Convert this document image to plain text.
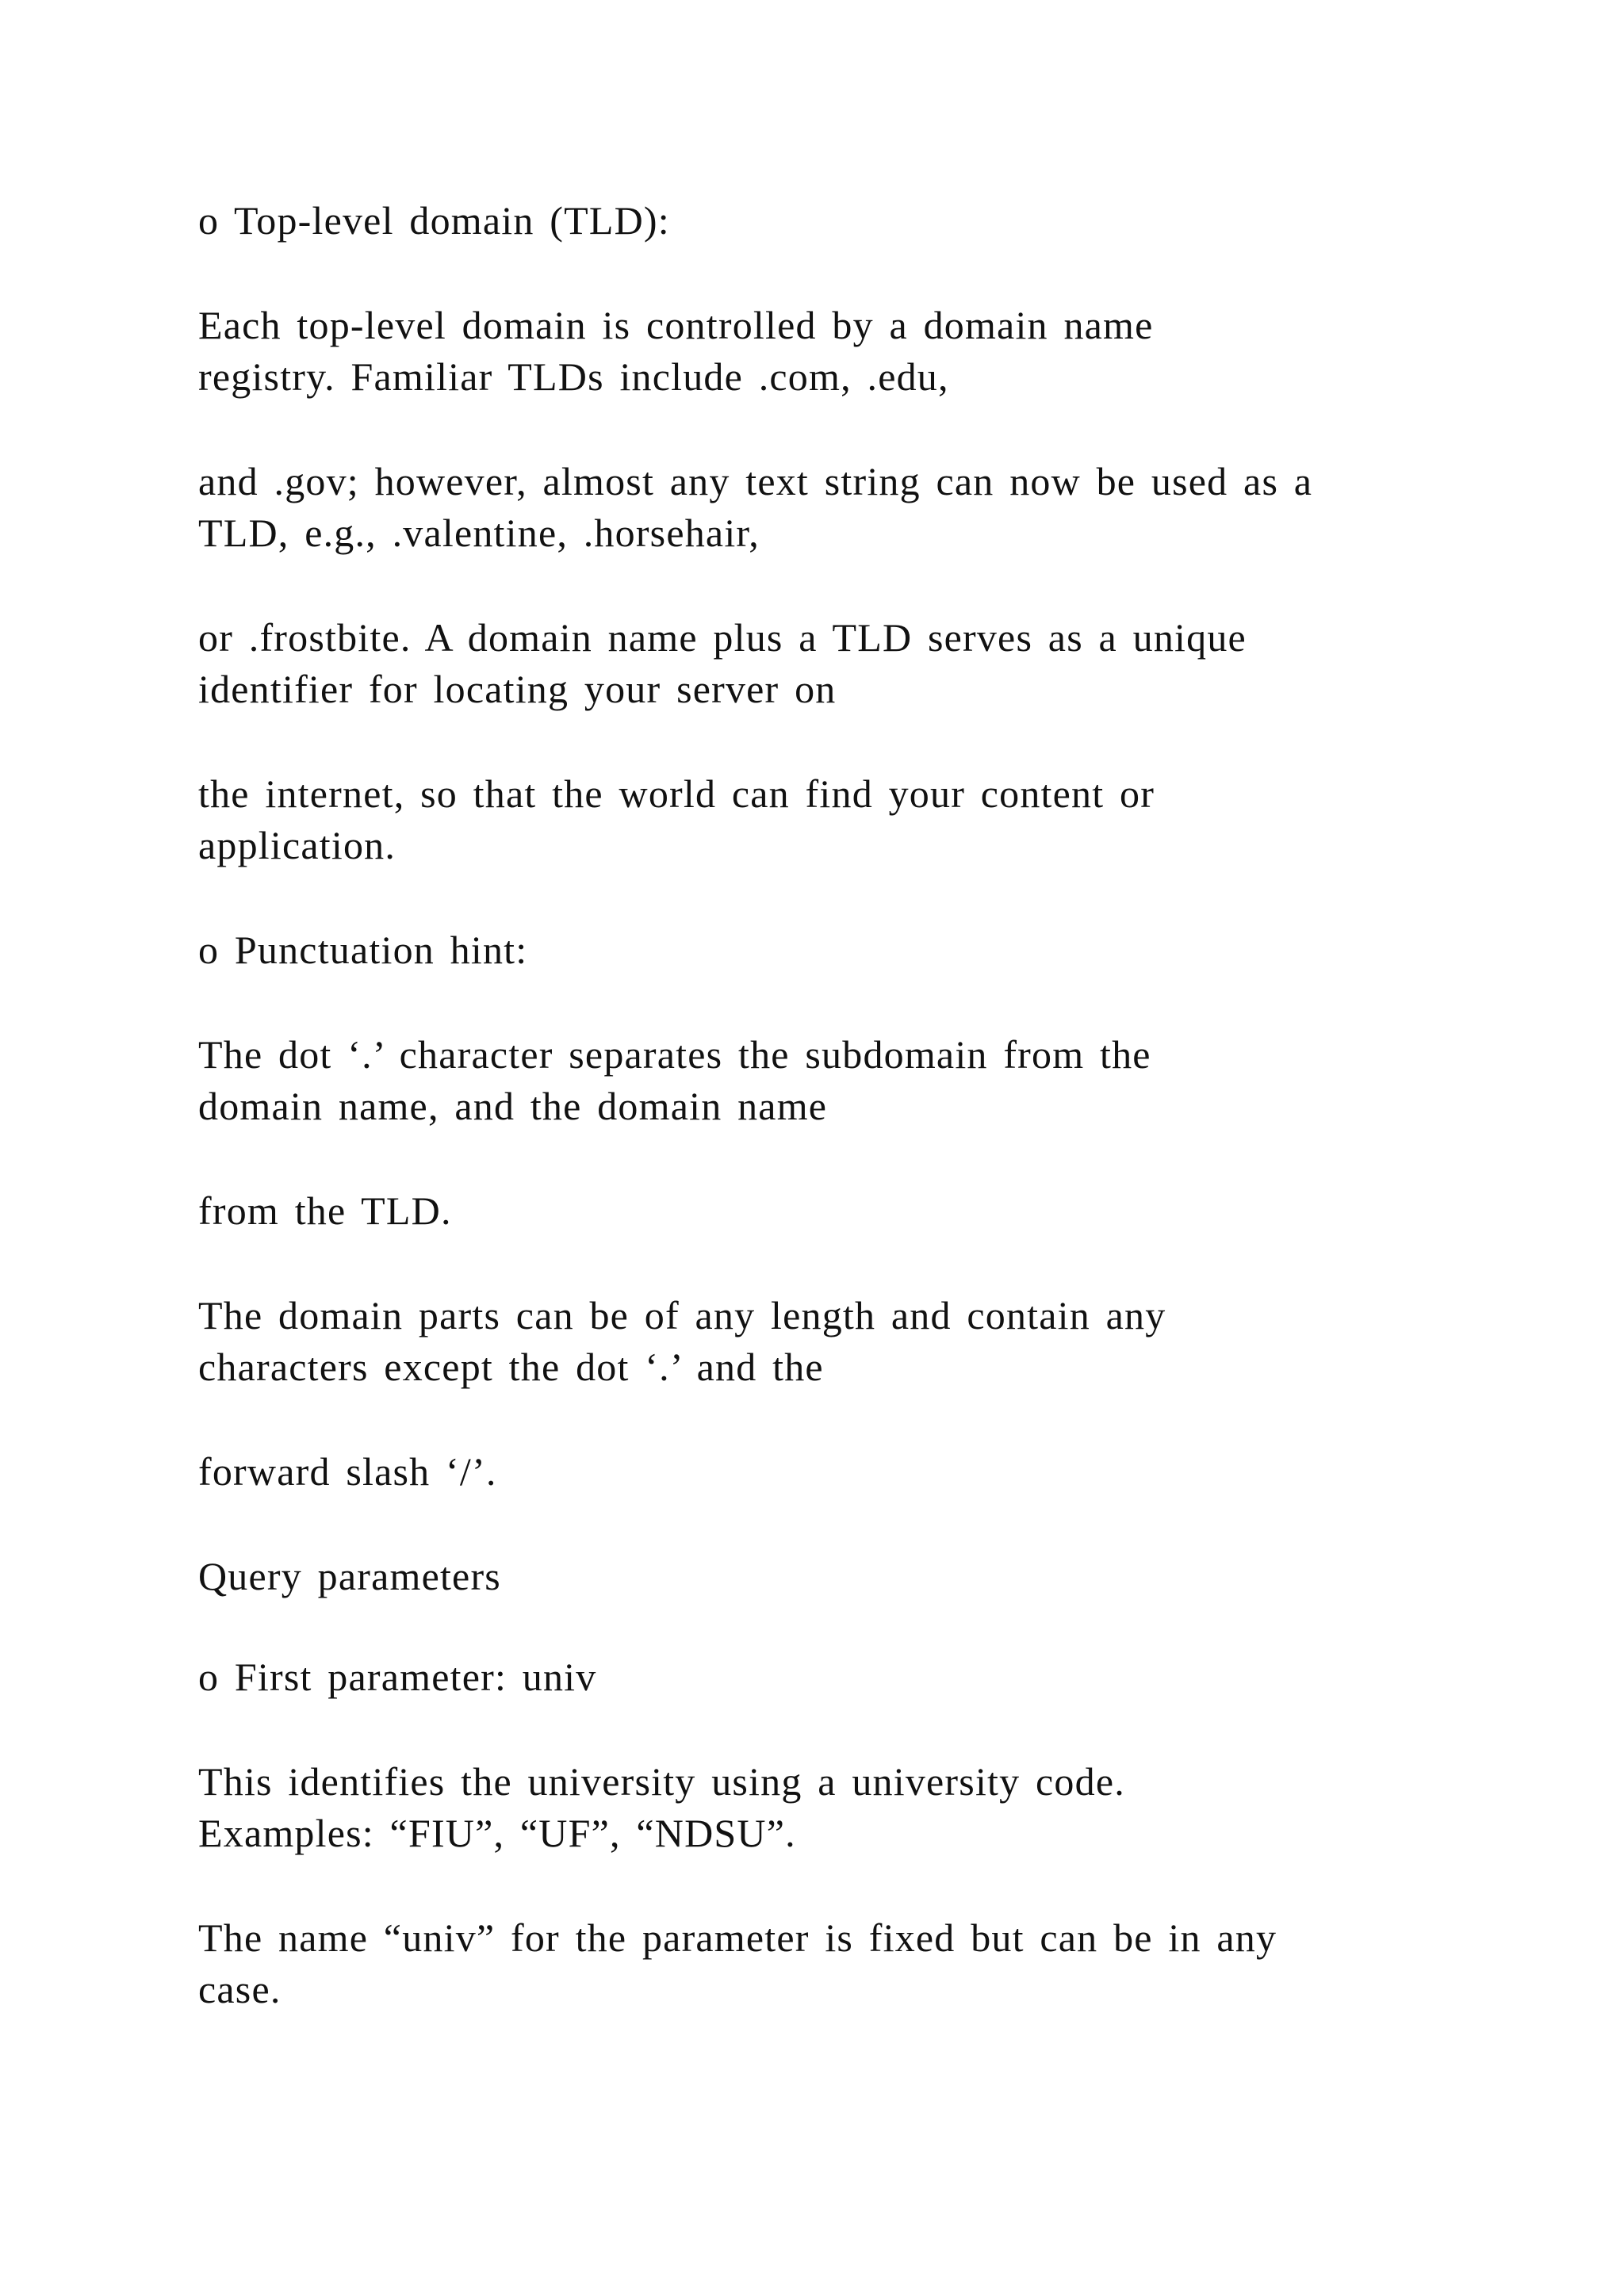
o Top-level domain (TLD):
Each top-level domain is controlled by a domain name
registry. Familiar TLDs include .com, .edu,
and .gov; however, almost any text string can now be used as a
TLD, e.g., .valentine, .horsehair,
or .frostbite. A domain name plus a TLD serves as a unique
identifier for locating your server on
the internet, so that the world can find your content or
application.
o Punctuation hint:
The dot ‘.’ character separates the subdomain from the
domain name, and the domain name
from the TLD.
The domain parts can be of any length and contain any
characters except the dot ‘.’ and the
forward slash ‘/’.
Query parameters
o First parameter: univ
This identifies the university using a university code.
Examples: “FIU”, “UF”, “NDSU”.
The name “univ” for the parameter is fixed but can be in any
case.
